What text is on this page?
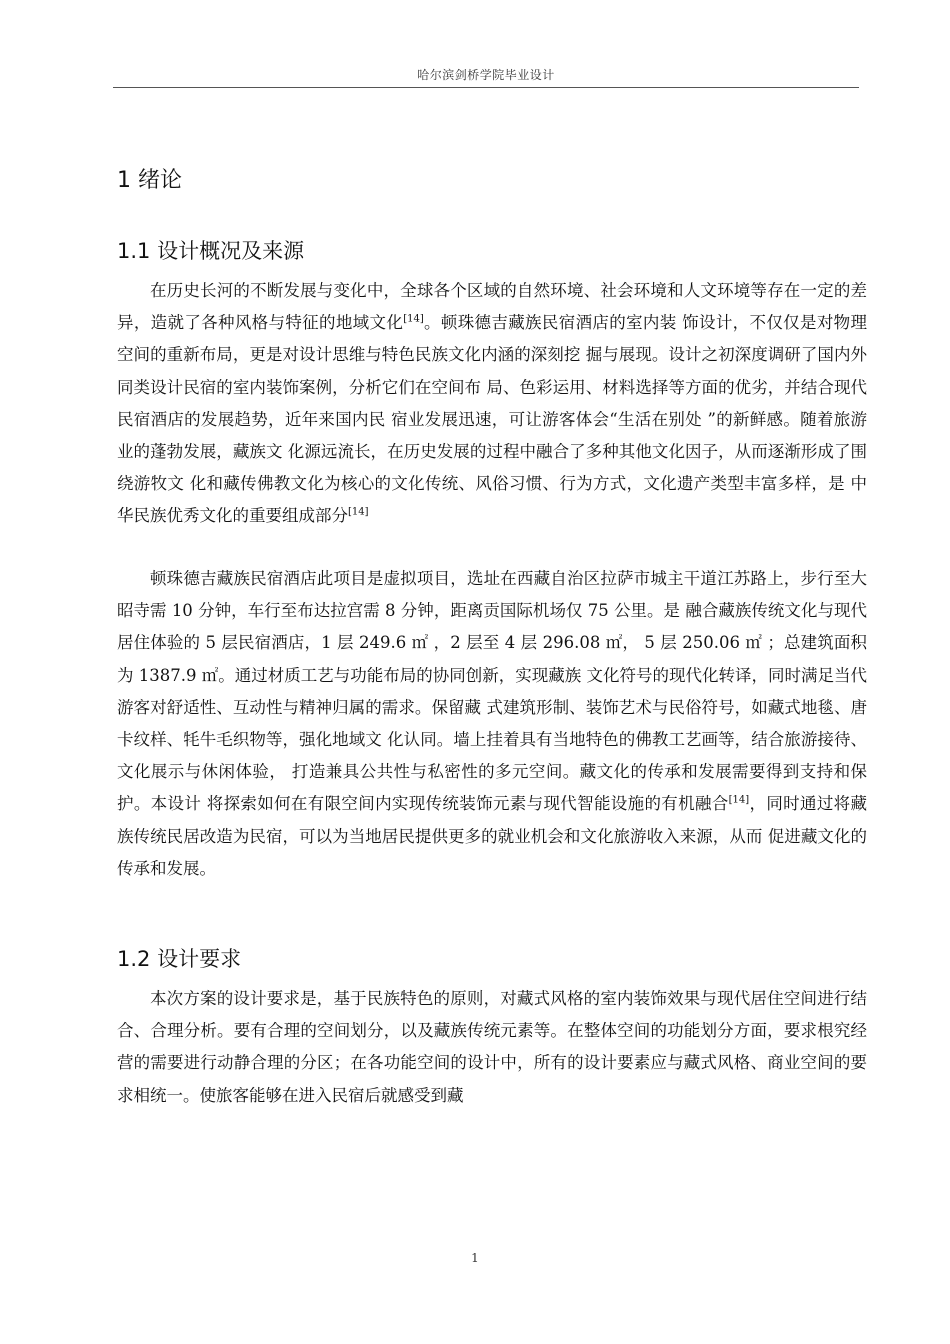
哈尔滨剑桥学院毕业设计
1 绪论
1.1 设计概况及来源

在历史长河的不断发展与变化中，全球各个区域的自然环境、社会环境和人文环境等存在一定的差异，造就了各种风格与特征的地域文化[14]。顿珠德吉藏族民宿酒店的室内装 饰设计，不仅仅是对物理空间的重新布局，更是对设计思维与特色民族文化内涵的深刻挖 掘与展现。设计之初深度调研了国内外同类设计民宿的室内装饰案例，分析它们在空间布 局、色彩运用、材料选择等方面的优劣，并结合现代民宿酒店的发展趋势，近年来国内民 宿业发展迅速，可让游客体会“生活在别处 ”的新鲜感。随着旅游业的蓬勃发展，藏族文 化源远流长，在历史发展的过程中融合了多种其他文化因子，从而逐渐形成了围绕游牧文 化和藏传佛教文化为核心的文化传统、风俗习惯、行为方式，文化遗产类型丰富多样，是 中华民族优秀文化的重要组成部分[14]

顿珠德吉藏族民宿酒店此项目是虚拟项目，选址在西藏自治区拉萨市城主干道江苏路上，步行至大昭寺需 10 分钟，车行至布达拉宫需 8 分钟，距离贡国际机场仅 75 公里。是 融合藏族传统文化与现代居住体验的 5 层民宿酒店，1 层 249.6 ㎡ ，2 层至 4 层 296.08 ㎡， 5 层 250.06 ㎡ ；总建筑面积为 1387.9 ㎡。通过材质工艺与功能布局的协同创新，实现藏族 文化符号的现代化转译，同时满足当代游客对舒适性、互动性与精神归属的需求。保留藏 式建筑形制、装饰艺术与民俗符号，如藏式地毯、唐卡纹样、牦牛毛织物等，强化地域文 化认同。墙上挂着具有当地特色的佛教工艺画等，结合旅游接待、文化展示与休闲体验， 打造兼具公共性与私密性的多元空间。藏文化的传承和发展需要得到支持和保护。本设计 将探索如何在有限空间内实现传统装饰元素与现代智能设施的有机融合[14]，同时通过将藏 族传统民居改造为民宿，可以为当地居民提供更多的就业机会和文化旅游收入来源，从而 促进藏文化的传承和发展。

1.2 设计要求

本次方案的设计要求是，基于民族特色的原则，对藏式风格的室内装饰效果与现代居住空间进行结合、合理分析。要有合理的空间划分，以及藏族传统元素等。在整体空间的功能划分方面，要求根究经营的需要进行动静合理的分区；在各功能空间的设计中，所有的设计要素应与藏式风格、商业空间的要求相统一。使旅客能够在进入民宿后就感受到藏

1
